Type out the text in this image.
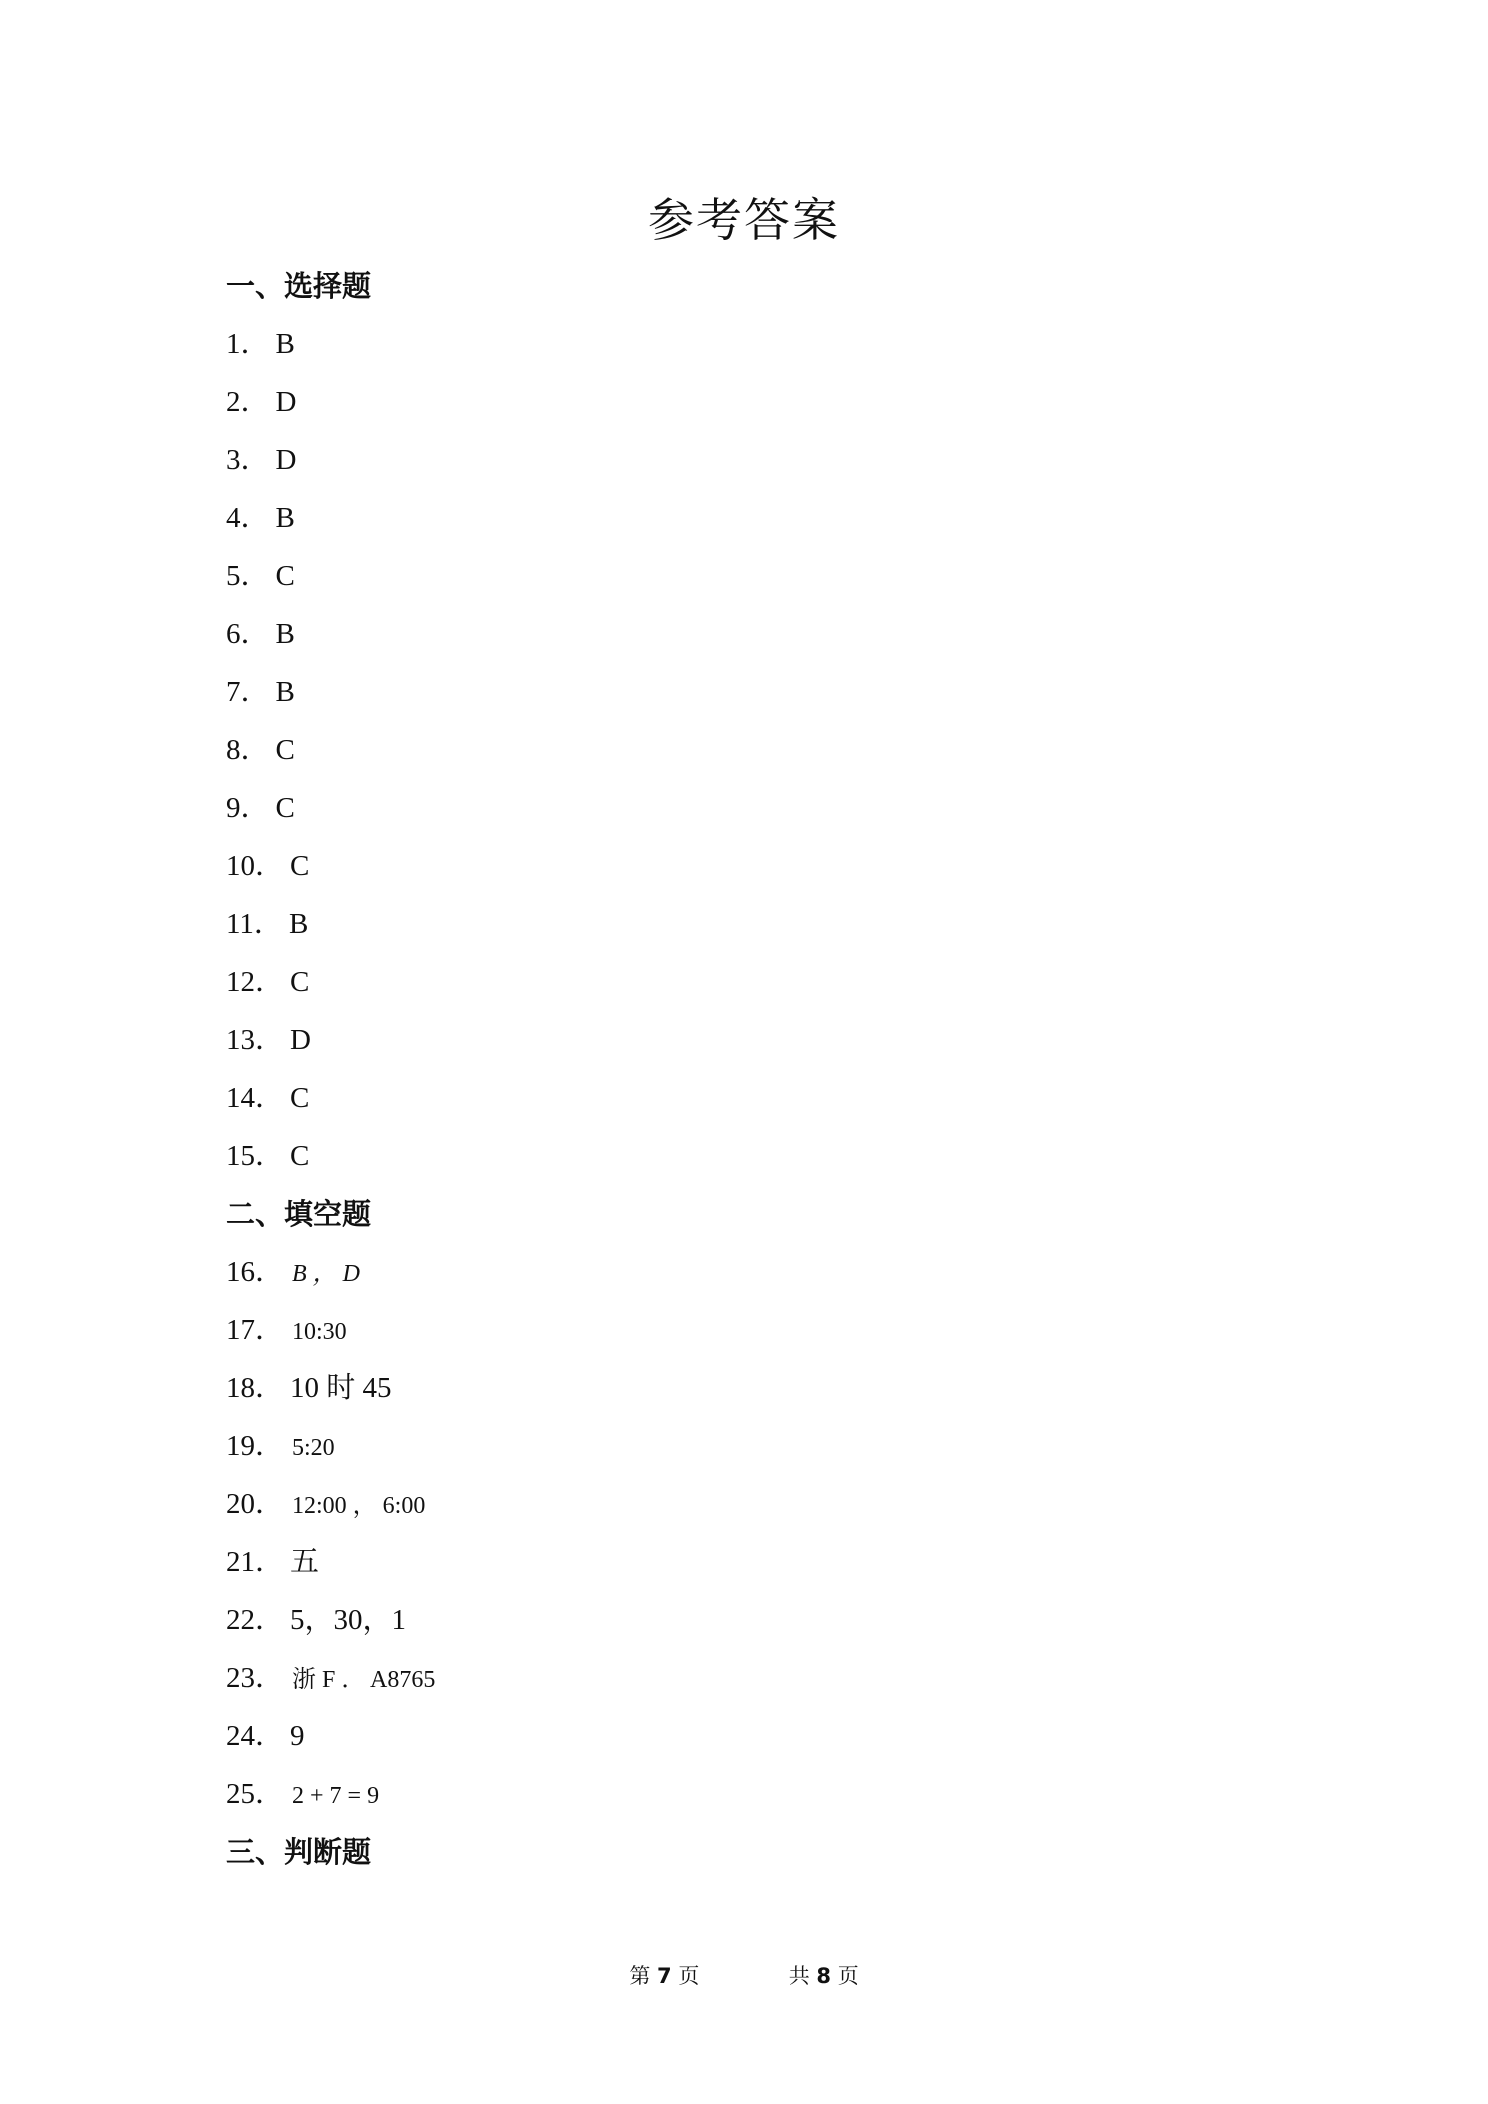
参考答案
一、选择题
1． B
2． D
3． D
4． B
5． C
6． B
7． B
8． C
9． C
10． C
11． B
12． C
13． D
14． C
15． C
二、填空题
16． B ， D
17． 10:30
18． 10 时 45
19． 5:20
20． 12:00 ， 6:00
21． 五
22． 5，30，1
23． 浙 F ． A8765
24． 9
25． 2 + 7 = 9
三、判断题
第 7 页	共 8 页
